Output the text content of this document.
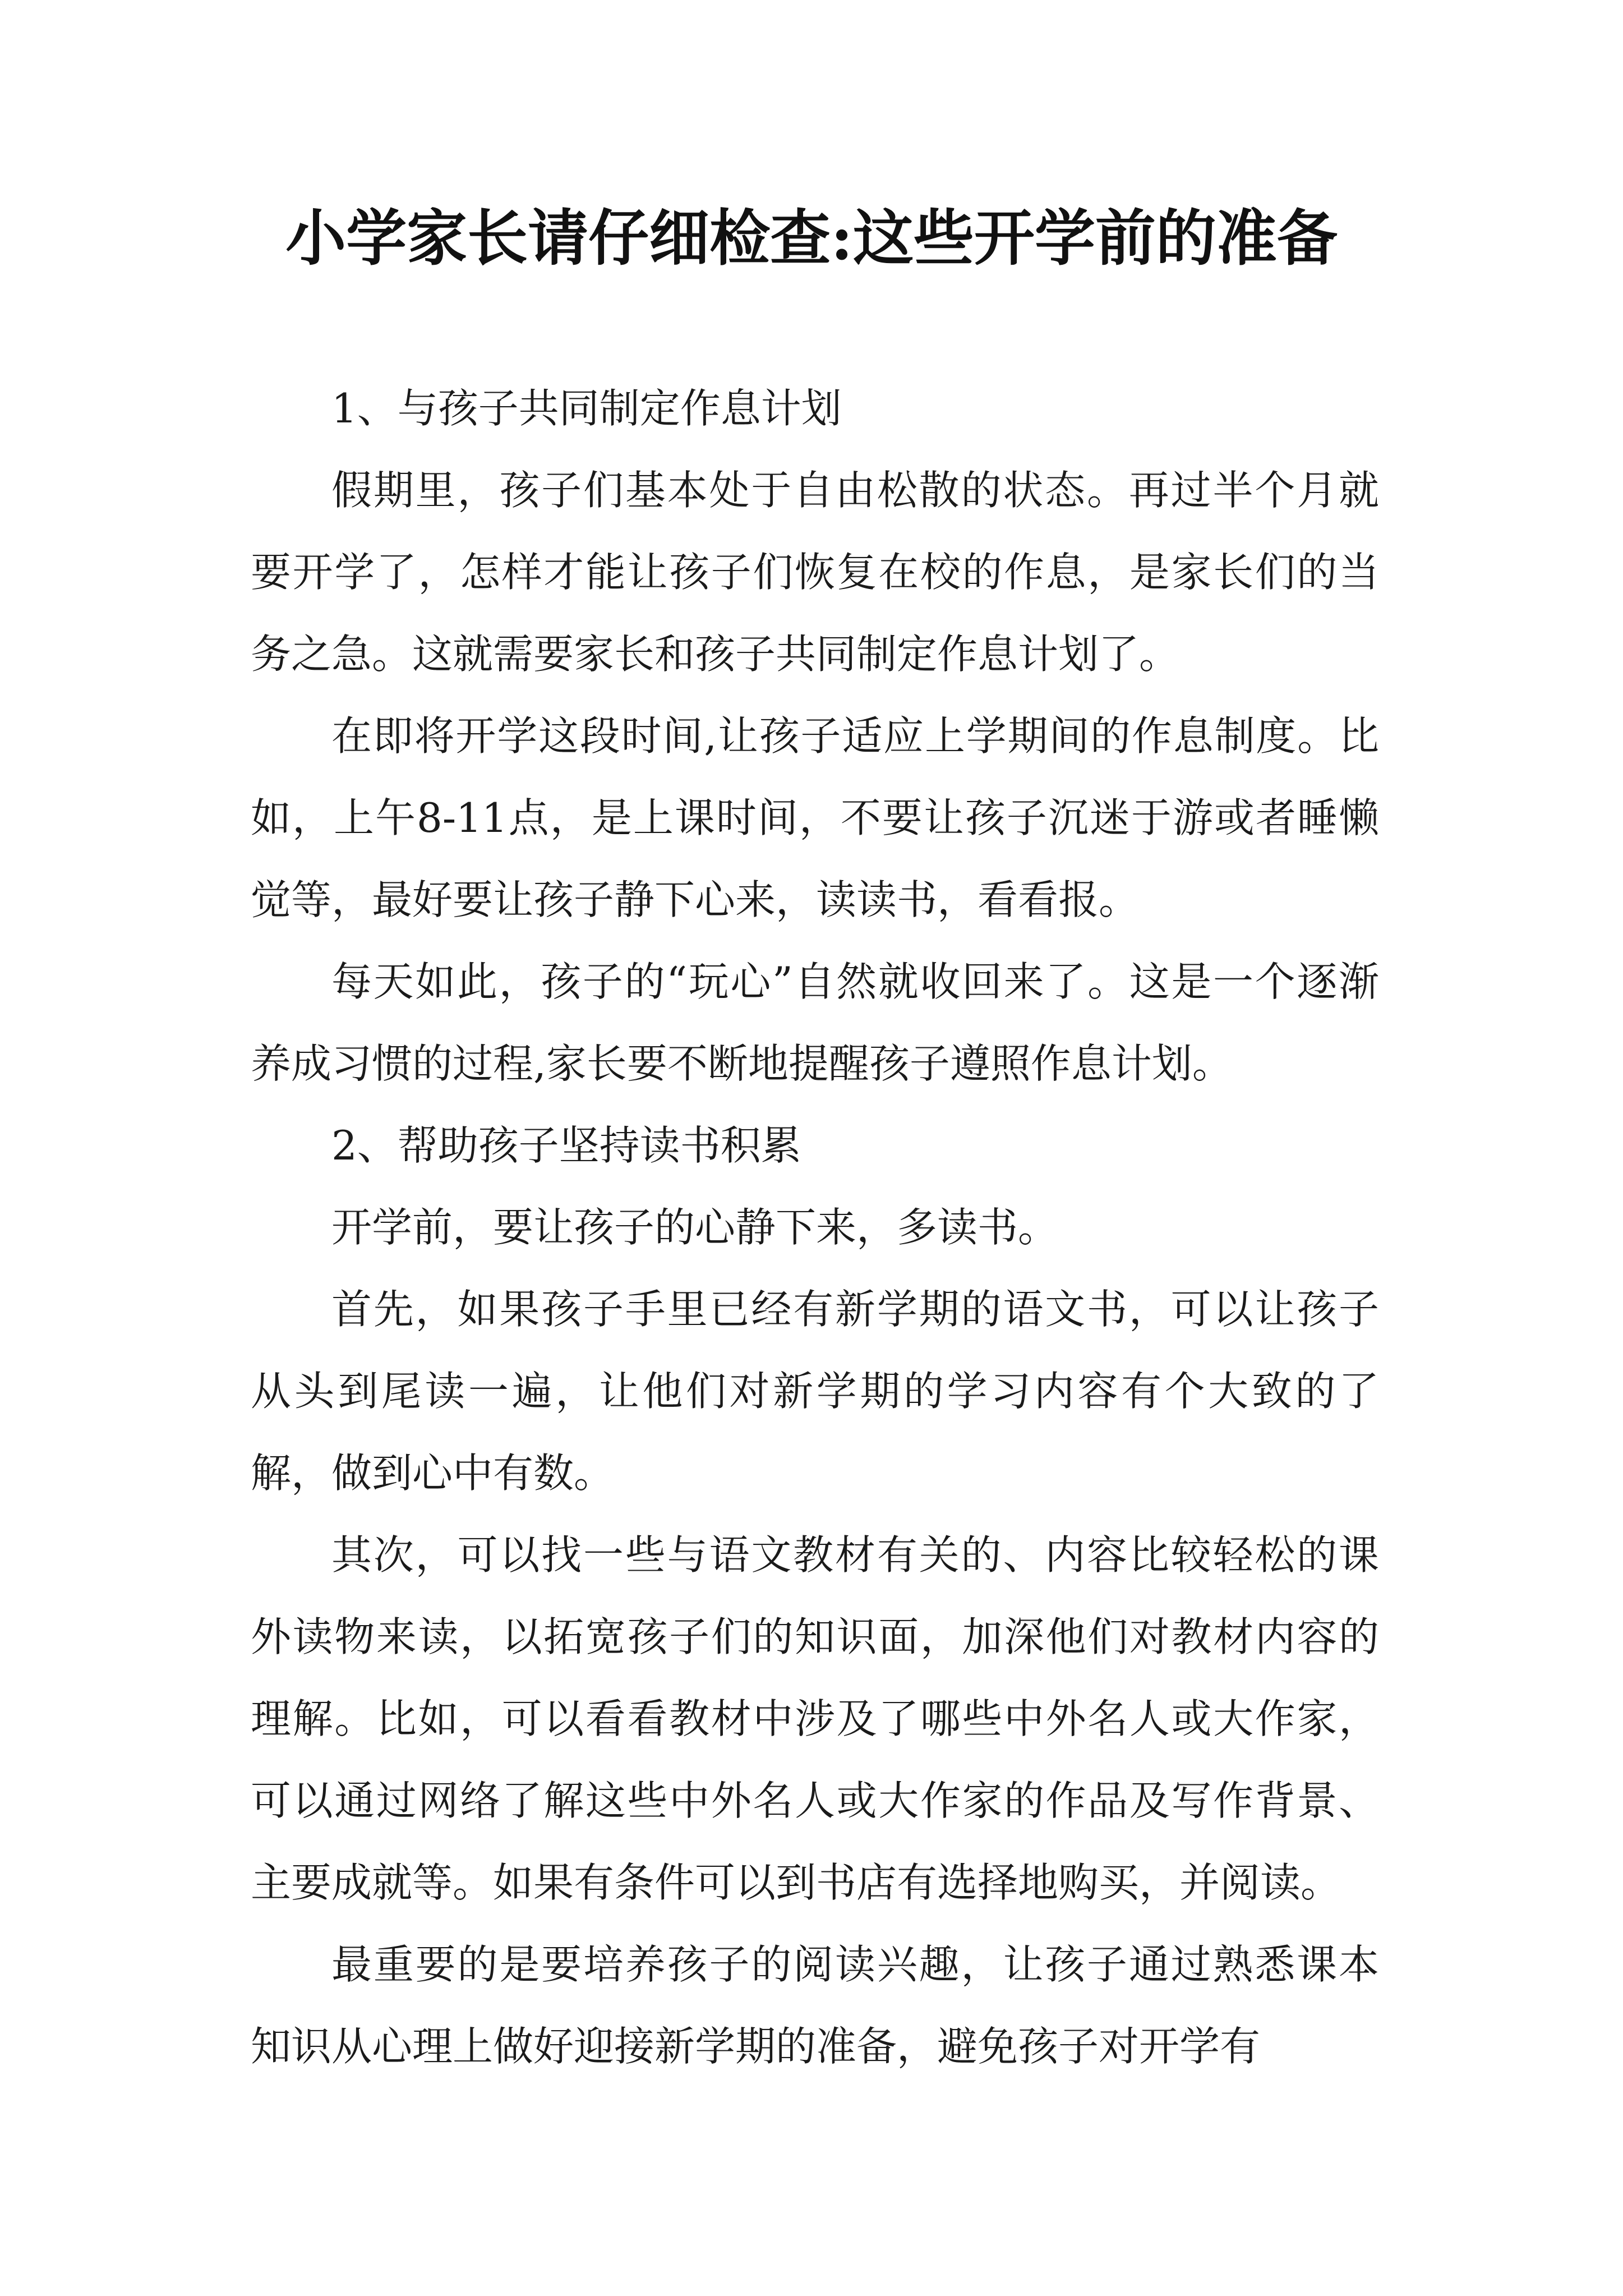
小学家长请仔细检查:这些开学前的准备

1、与孩子共同制定作息计划

假期里，孩子们基本处于自由松散的状态。再过半个月就要开学了，怎样才能让孩子们恢复在校的作息，是家长们的当务之急。这就需要家长和孩子共同制定作息计划了。

在即将开学这段时间,让孩子适应上学期间的作息制度。比如，上午8-11点，是上课时间，不要让孩子沉迷于游或者睡懒觉等，最好要让孩子静下心来，读读书，看看报。

每天如此，孩子的“玩心”自然就收回来了。这是一个逐渐养成习惯的过程,家长要不断地提醒孩子遵照作息计划。

2、帮助孩子坚持读书积累

开学前，要让孩子的心静下来，多读书。

首先，如果孩子手里已经有新学期的语文书，可以让孩子从头到尾读一遍，让他们对新学期的学习内容有个大致的了解，做到心中有数。

其次，可以找一些与语文教材有关的、内容比较轻松的课外读物来读，以拓宽孩子们的知识面，加深他们对教材内容的理解。比如，可以看看教材中涉及了哪些中外名人或大作家，可以通过网络了解这些中外名人或大作家的作品及写作背景、主要成就等。如果有条件可以到书店有选择地购买，并阅读。

最重要的是要培养孩子的阅读兴趣，让孩子通过熟悉课本知识从心理上做好迎接新学期的准备，避免孩子对开学有
